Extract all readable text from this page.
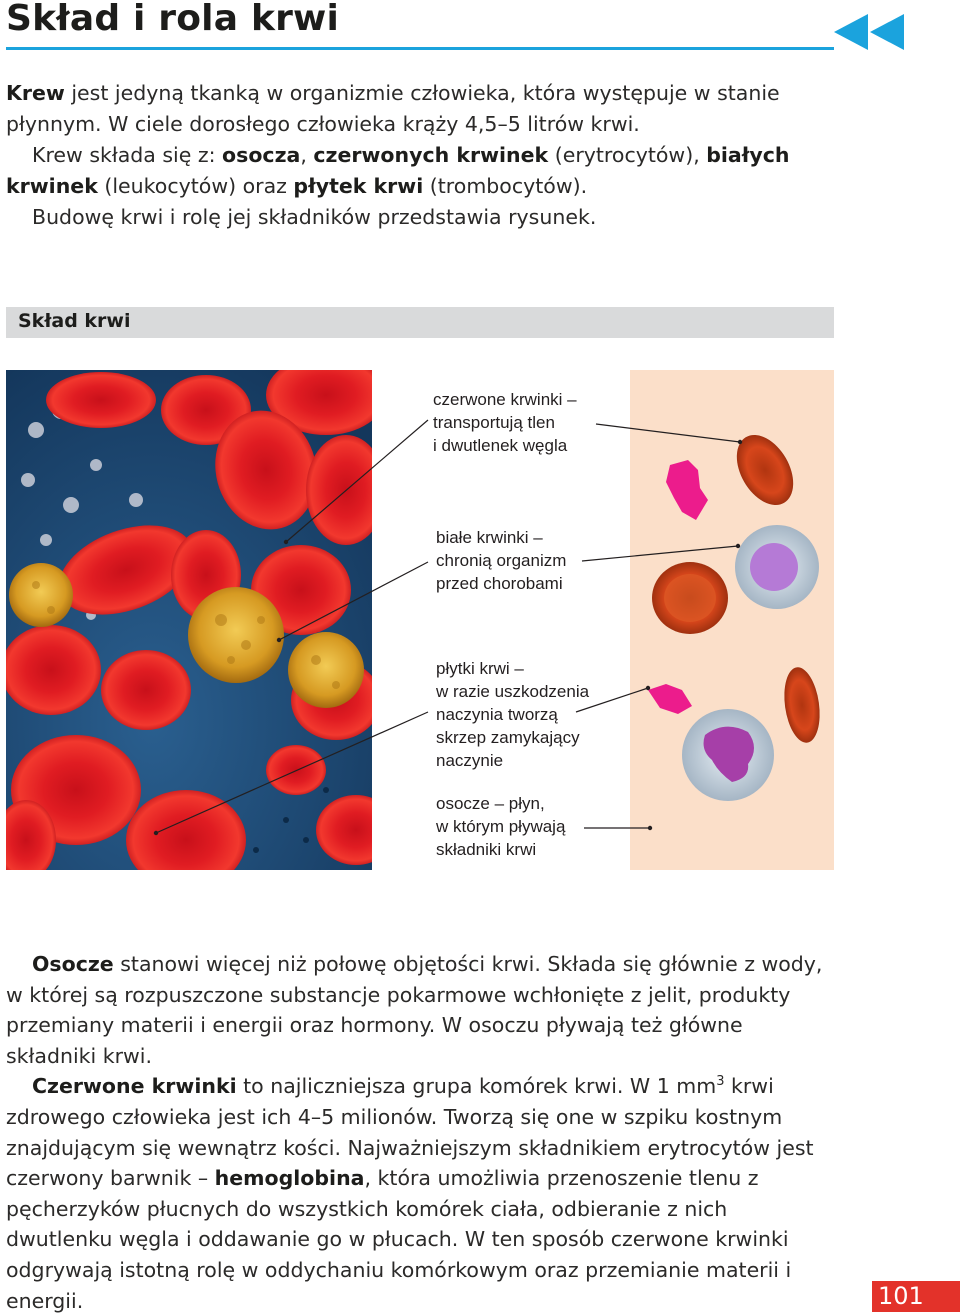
Skład i rola krwi
Krew jest jedyną tkanką w organizmie człowieka, która występuje w stanie płynnym. W ciele dorosłego człowieka krąży 4,5–5 litrów krwi.
Krew składa się z: osocza, czerwonych krwinek (erytrocytów), białych krwinek (leukocytów) oraz płytek krwi (trombocytów).
Budowę krwi i rolę jej składników przedstawia rysunek.
Skład krwi
czerwone krwinki –
transportują tlen
i dwutlenek węgla
białe krwinki –
chronią organizm
przed chorobami
płytki krwi –
w razie uszkodzenia
naczynia tworzą
skrzep zamykający
naczynie
osocze – płyn,
w którym pływają
składniki krwi
Osocze stanowi więcej niż połowę objętości krwi. Składa się głównie z wody, w której są rozpuszczone substancje pokarmowe wchłonięte z jelit, produkty przemiany materii i energii oraz hormony. W osoczu pływają też główne składniki krwi.
Czerwone krwinki to najliczniejsza grupa komórek krwi. W 1 $mm^3$ krwi zdrowego człowieka jest ich 4–5 milionów. Tworzą się one w szpiku kostnym znajdującym się wewnątrz kości. Najważniejszym składnikiem erytrocytów jest czerwony barwnik – hemoglobina, która umożliwia przenoszenie tlenu z pęcherzyków płucnych do wszystkich komórek ciała, odbieranie z nich dwutlenku węgla i oddawanie go w płucach. W ten sposób czerwone krwinki odgrywają istotną rolę w oddychaniu komórkowym oraz przemianie materii i energii.	101
